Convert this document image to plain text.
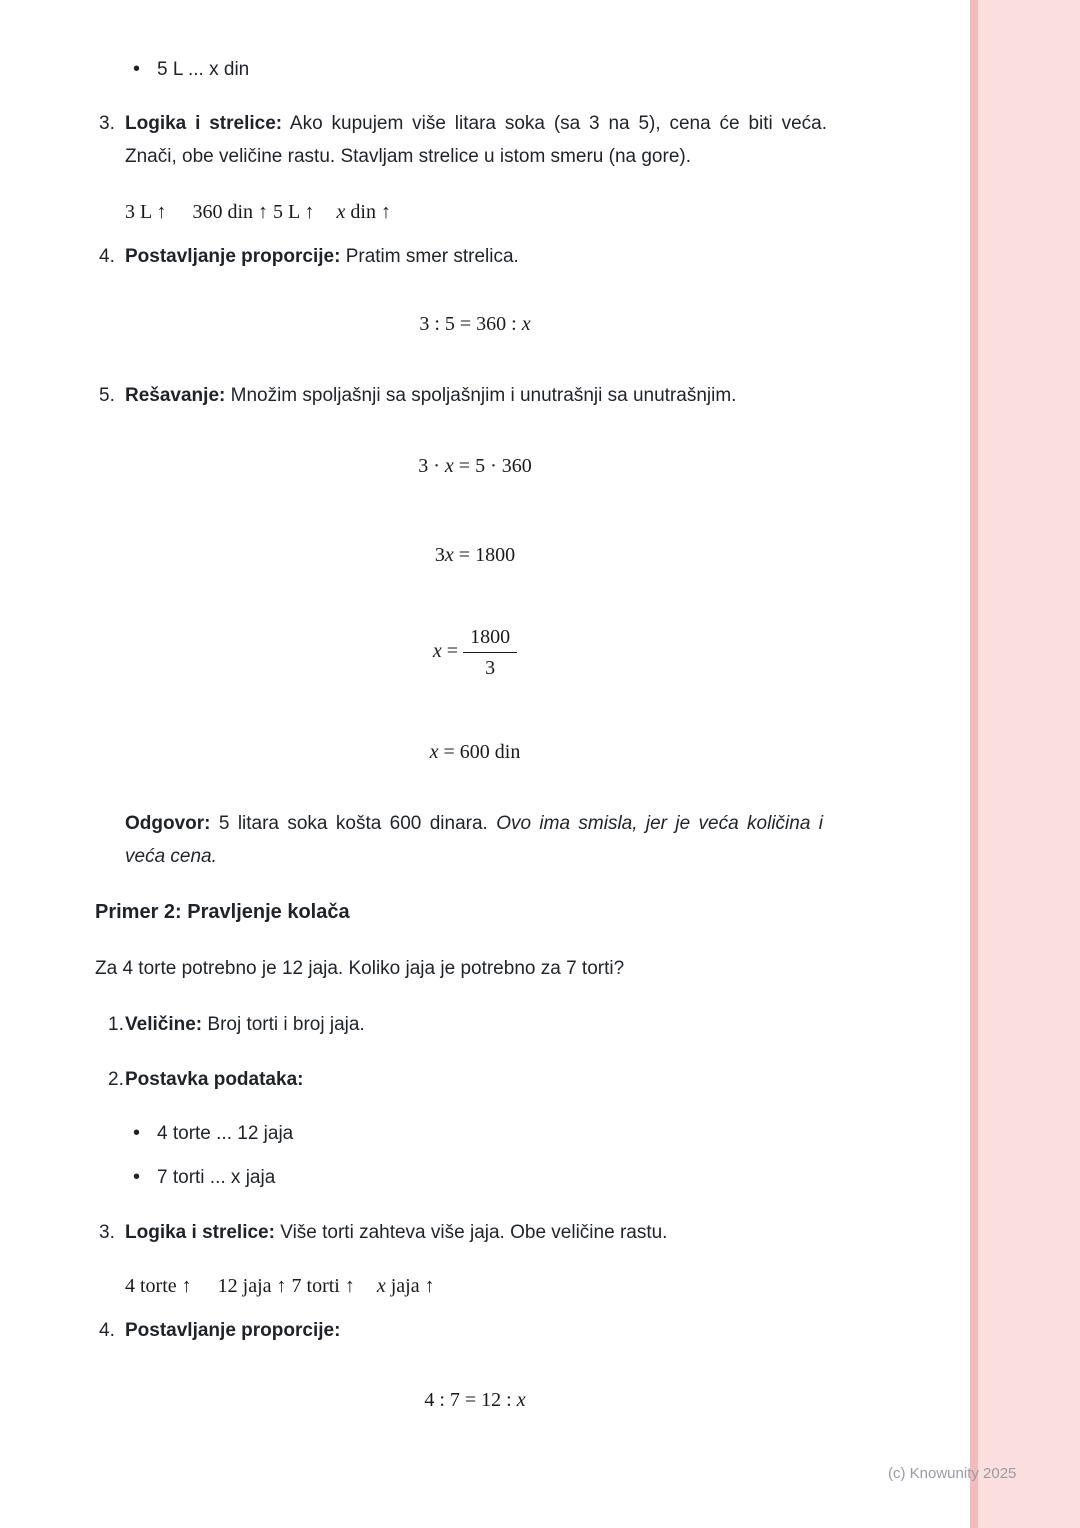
• 5 L ... x din
3. Logika i strelice: Ako kupujem više litara soka (sa 3 na 5), cena će biti veća. Znači, obe veličine rastu. Stavljam strelice u istom smeru (na gore).
3 L ↑ 360 din ↑ 5 L ↑ x din ↑
4. Postavljanje proporcije: Pratim smer strelica.
3 : 5 = 360 : x
5. Rešavanje: Množim spoljašnji sa spoljašnjim i unutrašnji sa unutrašnjim.
3 · x = 5 · 360
3x = 1800
$x = \frac{1800}{3}$
x = 600 din
Odgovor: 5 litara soka košta 600 dinara. Ovo ima smisla, jer je veća količina i veća cena.
Primer 2: Pravljenje kolača
Za 4 torte potrebno je 12 jaja. Koliko jaja je potrebno za 7 torti?
1. Veličine: Broj torti i broj jaja.
2. Postavka podataka:
• 4 torte ... 12 jaja
• 7 torti ... x jaja
3. Logika i strelice: Više torti zahteva više jaja. Obe veličine rastu.
4 torte ↑ 12 jaja ↑ 7 torti ↑ x jaja ↑
4. Postavljanje proporcije:
4 : 7 = 12 : x
(c) Knowunity 2025
